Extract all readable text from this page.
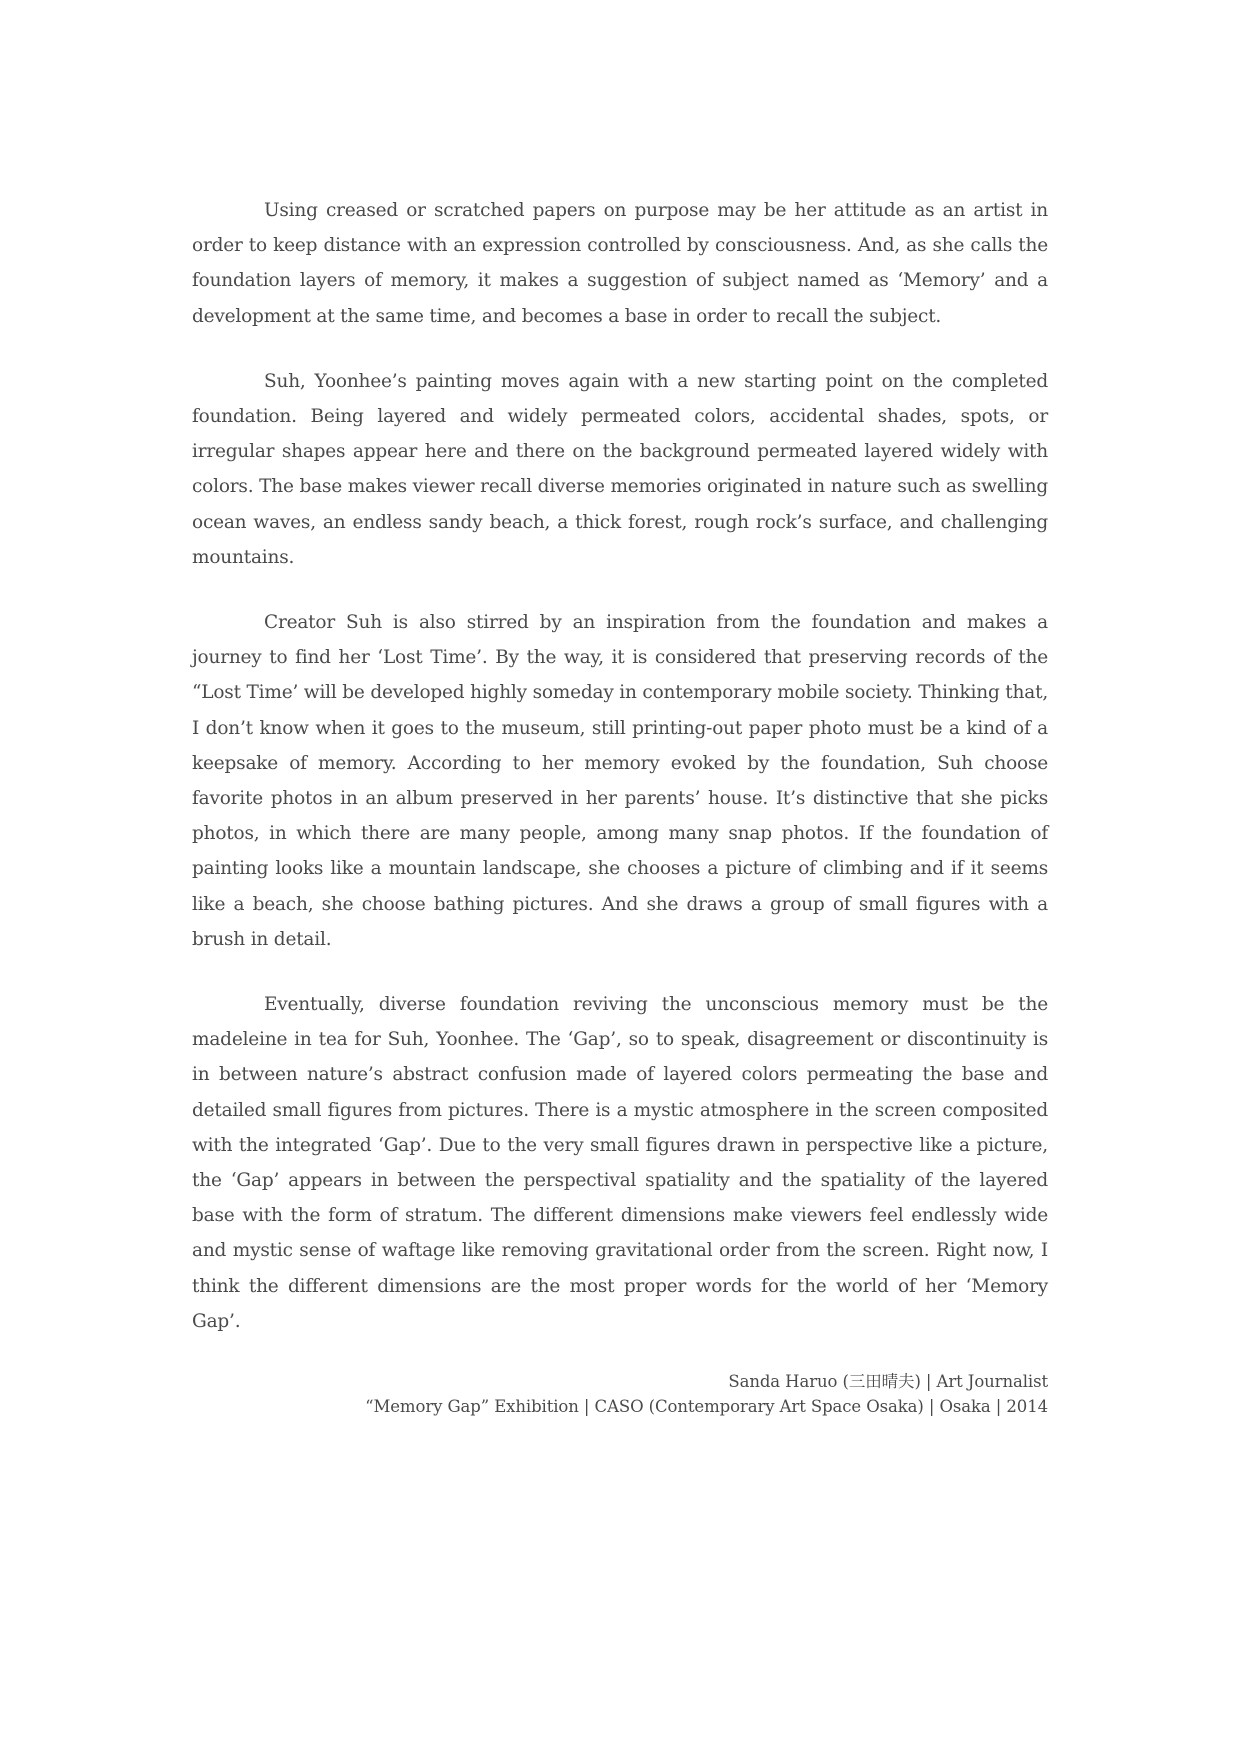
Using creased or scratched papers on purpose may be her attitude as an artist in order to keep distance with an expression controlled by consciousness. And, as she calls the foundation layers of memory, it makes a suggestion of subject named as ‘Memory’ and a development at the same time, and becomes a base in order to recall the subject.

Suh, Yoonhee’s painting moves again with a new starting point on the completed foundation. Being layered and widely permeated colors, accidental shades, spots, or irregular shapes appear here and there on the background permeated layered widely with colors. The base makes viewer recall diverse memories originated in nature such as swelling ocean waves, an endless sandy beach, a thick forest, rough rock’s surface, and challenging mountains.

Creator Suh is also stirred by an inspiration from the foundation and makes a journey to find her ‘Lost Time’. By the way, it is considered that preserving records of the “Lost Time’ will be developed highly someday in contemporary mobile society. Thinking that, I don’t know when it goes to the museum, still printing-out paper photo must be a kind of a keepsake of memory. According to her memory evoked by the foundation, Suh choose favorite photos in an album preserved in her parents’ house. It’s distinctive that she picks photos, in which there are many people, among many snap photos. If the foundation of painting looks like a mountain landscape, she chooses a picture of climbing and if it seems like a beach, she choose bathing pictures. And she draws a group of small figures with a brush in detail.

Eventually, diverse foundation reviving the unconscious memory must be the madeleine in tea for Suh, Yoonhee. The ‘Gap’, so to speak, disagreement or discontinuity is in between nature’s abstract confusion made of layered colors permeating the base and detailed small figures from pictures. There is a mystic atmosphere in the screen composited with the integrated ‘Gap’. Due to the very small figures drawn in perspective like a picture, the ‘Gap’ appears in between the perspectival spatiality and the spatiality of the layered base with the form of stratum. The different dimensions make viewers feel endlessly wide and mystic sense of waftage like removing gravitational order from the screen. Right now, I think the different dimensions are the most proper words for the world of her ‘Memory Gap’.

Sanda Haruo (三田晴夫) | Art Journalist
“Memory Gap” Exhibition | CASO (Contemporary Art Space Osaka) | Osaka | 2014
